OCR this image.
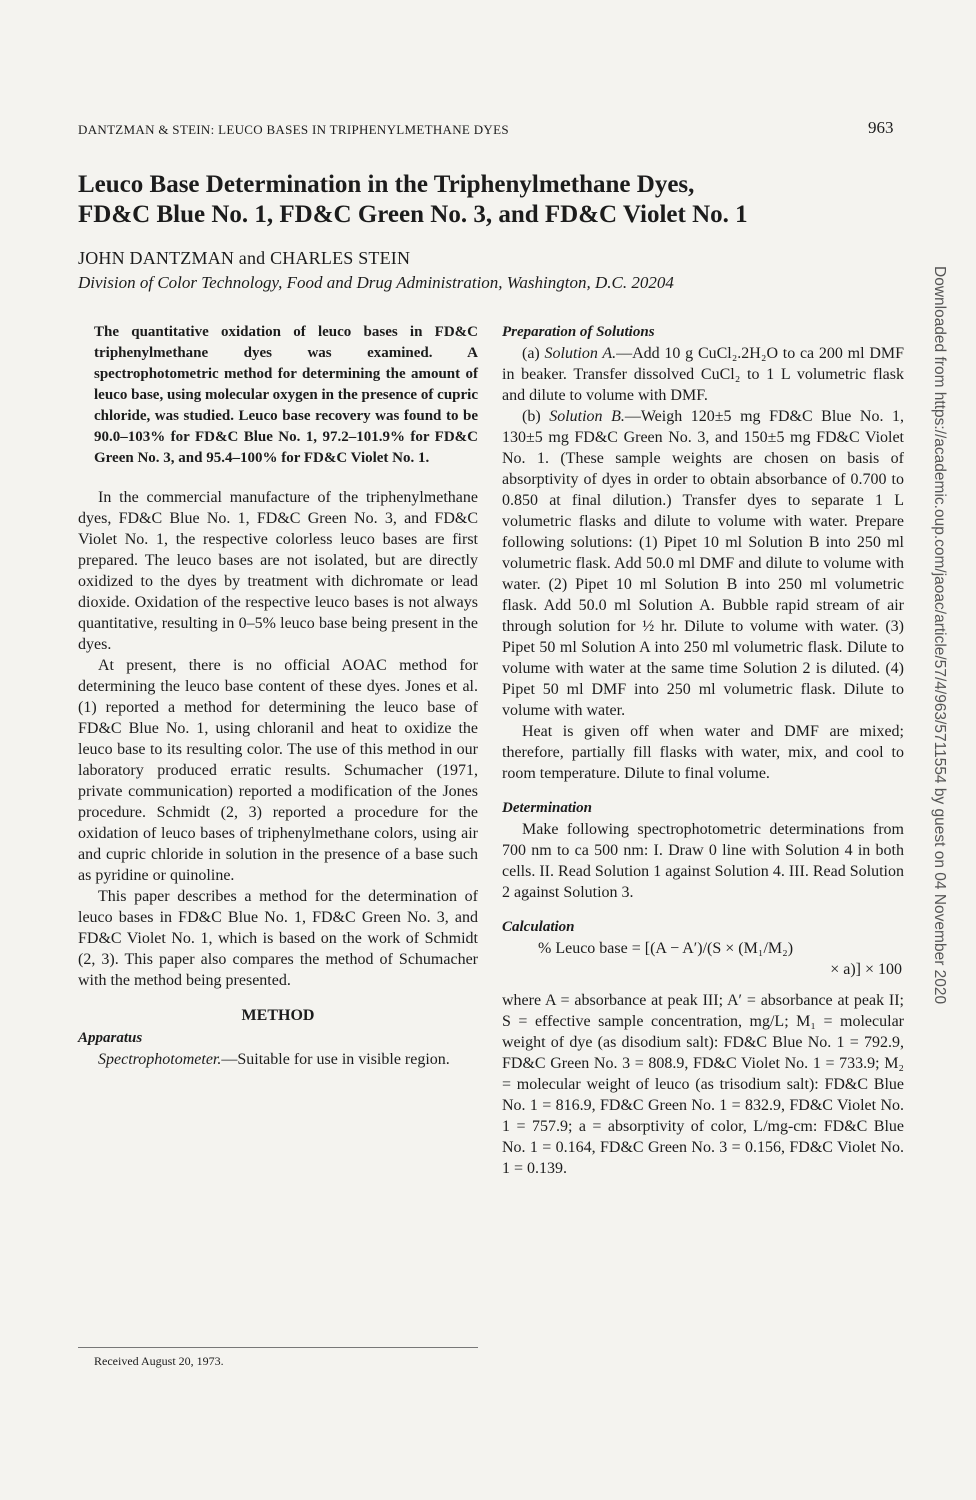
DANTZMAN & STEIN: LEUCO BASES IN TRIPHENYLMETHANE DYES	963
Leuco Base Determination in the Triphenylmethane Dyes,
FD&C Blue No. 1, FD&C Green No. 3, and FD&C Violet No. 1
JOHN DANTZMAN and CHARLES STEIN
Division of Color Technology, Food and Drug Administration, Washington, D.C. 20204
The quantitative oxidation of leuco bases in FD&C triphenylmethane dyes was examined. A spectrophotometric method for determining the amount of leuco base, using molecular oxygen in the presence of cupric chloride, was studied. Leuco base recovery was found to be 90.0–103% for FD&C Blue No. 1, 97.2–101.9% for FD&C Green No. 3, and 95.4–100% for FD&C Violet No. 1.

In the commercial manufacture of the triphenylmethane dyes, FD&C Blue No. 1, FD&C Green No. 3, and FD&C Violet No. 1, the respective colorless leuco bases are first prepared. The leuco bases are not isolated, but are directly oxidized to the dyes by treatment with dichromate or lead dioxide. Oxidation of the respective leuco bases is not always quantitative, resulting in 0–5% leuco base being present in the dyes.

At present, there is no official AOAC method for determining the leuco base content of these dyes. Jones et al. (1) reported a method for determining the leuco base of FD&C Blue No. 1, using chloranil and heat to oxidize the leuco base to its resulting color. The use of this method in our laboratory produced erratic results. Schumacher (1971, private communication) reported a modification of the Jones procedure. Schmidt (2, 3) reported a procedure for the oxidation of leuco bases of triphenylmethane colors, using air and cupric chloride in solution in the presence of a base such as pyridine or quinoline.

This paper describes a method for the determination of leuco bases in FD&C Blue No. 1, FD&C Green No. 3, and FD&C Violet No. 1, which is based on the work of Schmidt (2, 3). This paper also compares the method of Schumacher with the method being presented.

METHOD
Apparatus

Spectrophotometer.—Suitable for use in visible region.

Received August 20, 1973.
Preparation of Solutions

(a) Solution A.—Add 10 g CuCl₂.2H₂O to ca 200 ml DMF in beaker. Transfer dissolved CuCl₂ to 1 L volumetric flask and dilute to volume with DMF.

(b) Solution B.—Weigh 120±5 mg FD&C Blue No. 1, 130±5 mg FD&C Green No. 3, and 150±5 mg FD&C Violet No. 1. (These sample weights are chosen on basis of absorptivity of dyes in order to obtain absorbance of 0.700 to 0.850 at final dilution.) Transfer dyes to separate 1 L volumetric flasks and dilute to volume with water. Prepare following solutions: (1) Pipet 10 ml Solution B into 250 ml volumetric flask. Add 50.0 ml DMF and dilute to volume with water. (2) Pipet 10 ml Solution B into 250 ml volumetric flask. Add 50.0 ml Solution A. Bubble rapid stream of air through solution for ½ hr. Dilute to volume with water. (3) Pipet 50 ml Solution A into 250 ml volumetric flask. Dilute to volume with water at the same time Solution 2 is diluted. (4) Pipet 50 ml DMF into 250 ml volumetric flask. Dilute to volume with water.

Heat is given off when water and DMF are mixed; therefore, partially fill flasks with water, mix, and cool to room temperature. Dilute to final volume.

Determination

Make following spectrophotometric determinations from 700 nm to ca 500 nm: I. Draw 0 line with Solution 4 in both cells. II. Read Solution 1 against Solution 4. III. Read Solution 2 against Solution 3.

Calculation

% Leuco base = [(A − A′)/(S × (M₁/M₂)

× a)] × 100

where A = absorbance at peak III; A′ = absorbance at peak II; S = effective sample concentration, mg/L; M₁ = molecular weight of dye (as disodium salt): FD&C Blue No. 1 = 792.9, FD&C Green No. 3 = 808.9, FD&C Violet No. 1 = 733.9; M₂ = molecular weight of leuco (as trisodium salt): FD&C Blue No. 1 = 816.9, FD&C Green No. 1 = 832.9, FD&C Violet No. 1 = 757.9; a = absorptivity of color, L/mg-cm: FD&C Blue No. 1 = 0.164, FD&C Green No. 3 = 0.156, FD&C Violet No. 1 = 0.139.

Downloaded from https://academic.oup.com/jaoac/article/57/4/963/5711554 by guest on 04 November 2020
